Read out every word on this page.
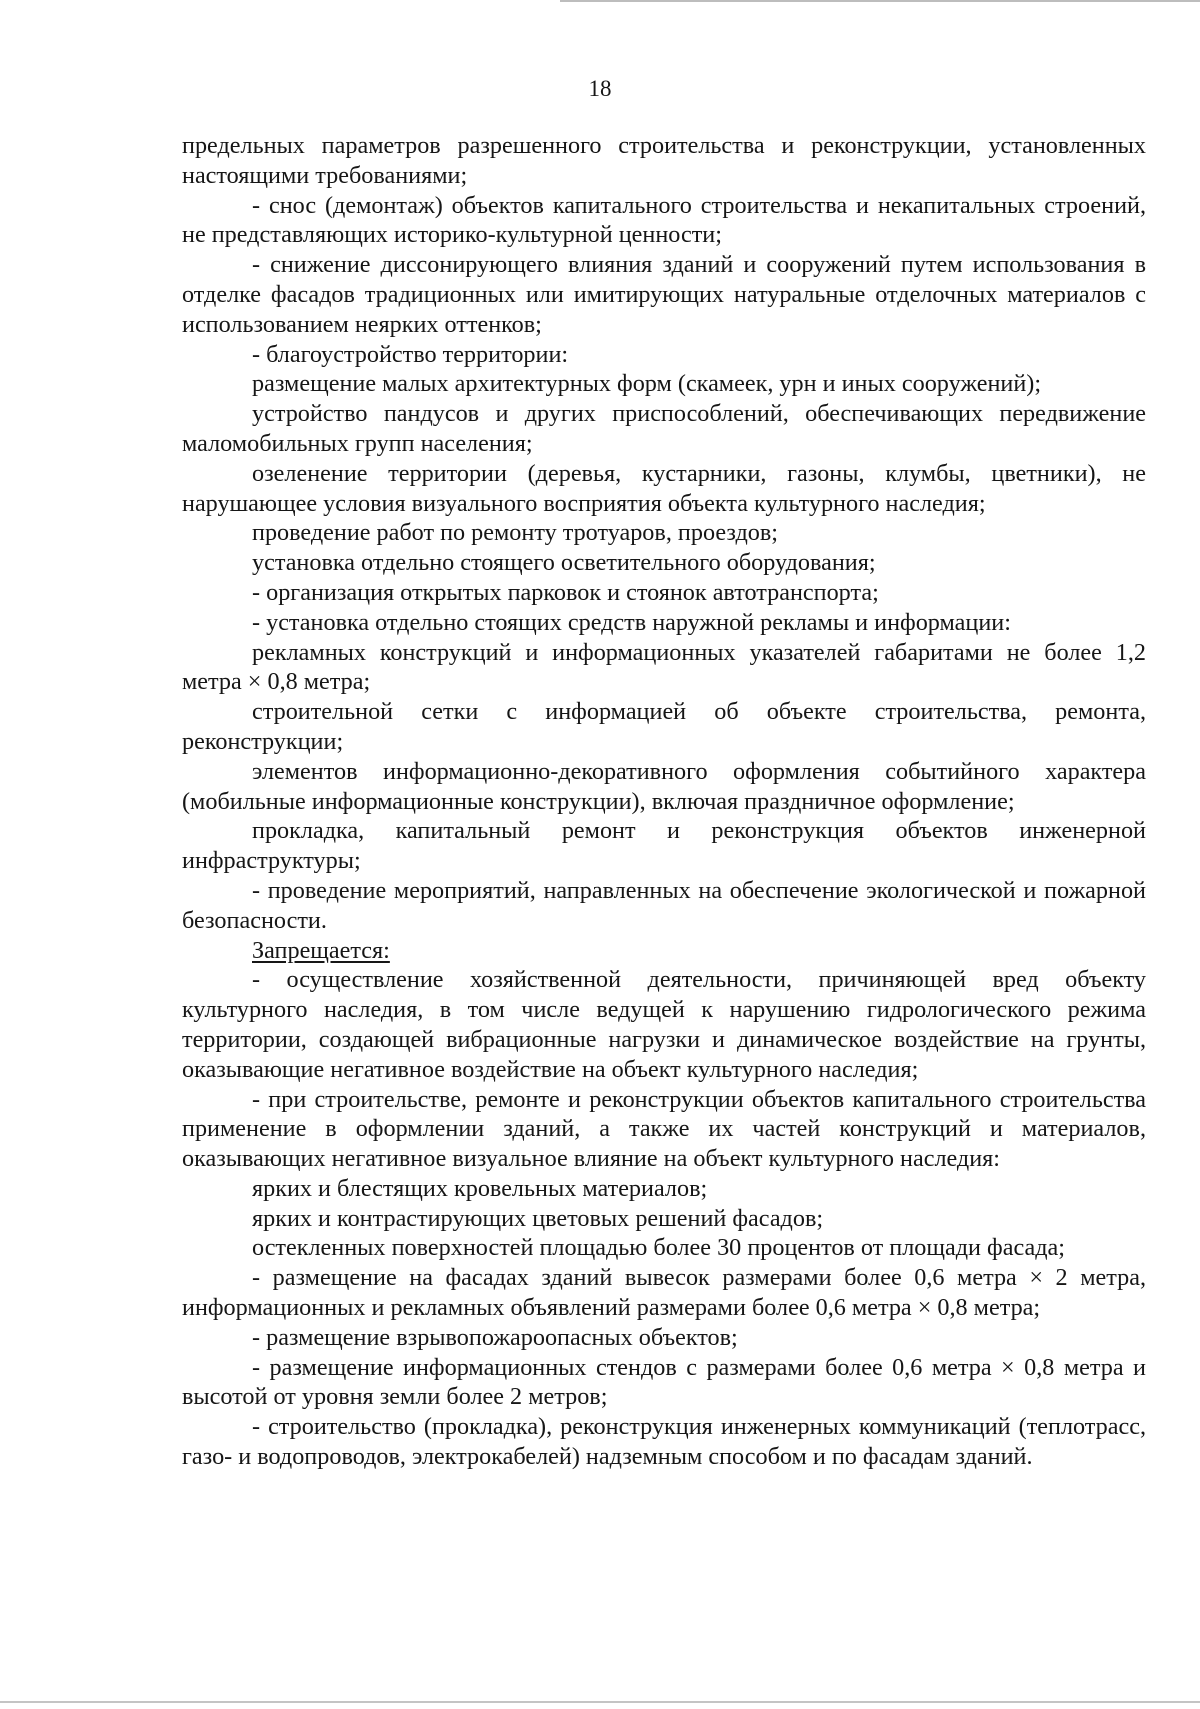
18

предельных параметров разрешенного строительства и реконструкции, установленных настоящими требованиями;

- снос (демонтаж) объектов капитального строительства и некапитальных строений, не представляющих историко-культурной ценности;

- снижение диссонирующего влияния зданий и сооружений путем использования в отделке фасадов традиционных или имитирующих натуральные отделочных материалов с использованием неярких оттенков;

- благоустройство территории:

размещение малых архитектурных форм (скамеек, урн и иных сооружений);

устройство пандусов и других приспособлений, обеспечивающих передвижение маломобильных групп населения;

озеленение территории (деревья, кустарники, газоны, клумбы, цветники), не нарушающее условия визуального восприятия объекта культурного наследия;

проведение работ по ремонту тротуаров, проездов;

установка отдельно стоящего осветительного оборудования;

- организация открытых парковок и стоянок автотранспорта;

- установка отдельно стоящих средств наружной рекламы и информации:

рекламных конструкций и информационных указателей габаритами не более 1,2 метра × 0,8 метра;

строительной сетки с информацией об объекте строительства, ремонта, реконструкции;

элементов информационно-декоративного оформления событийного характера (мобильные информационные конструкции), включая праздничное оформление;

прокладка, капитальный ремонт и реконструкция объектов инженерной инфраструктуры;

- проведение мероприятий, направленных на обеспечение экологической и пожарной безопасности.

Запрещается:

- осуществление хозяйственной деятельности, причиняющей вред объекту культурного наследия, в том числе ведущей к нарушению гидрологического режима территории, создающей вибрационные нагрузки и динамическое воздействие на грунты, оказывающие негативное воздействие на объект культурного наследия;

- при строительстве, ремонте и реконструкции объектов капитального строительства применение в оформлении зданий, а также их частей конструкций и материалов, оказывающих негативное визуальное влияние на объект культурного наследия:

ярких и блестящих кровельных материалов;

ярких и контрастирующих цветовых решений фасадов;

остекленных поверхностей площадью более 30 процентов от площади фасада;

- размещение на фасадах зданий вывесок размерами более 0,6 метра × 2 метра, информационных и рекламных объявлений размерами более 0,6 метра × 0,8 метра;

- размещение взрывопожароопасных объектов;

- размещение информационных стендов с размерами более 0,6 метра × 0,8 метра и высотой от уровня земли более 2 метров;

- строительство (прокладка), реконструкция инженерных коммуникаций (теплотрасс, газо- и водопроводов, электрокабелей) надземным способом и по фасадам зданий.
